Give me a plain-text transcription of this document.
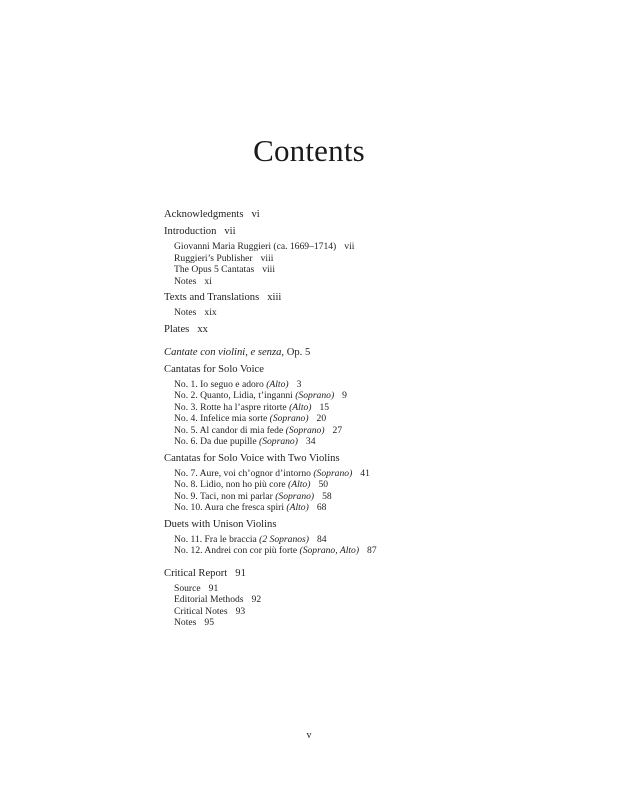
Contents
Acknowledgments vi
Introduction vii
Giovanni Maria Ruggieri (ca. 1669–1714) vii
Ruggieri’s Publisher viii
The Opus 5 Cantatas viii
Notes xi
Texts and Translations xiii
Notes xix
Plates xx
Cantate con violini, e senza, Op. 5
Cantatas for Solo Voice
No. 1. Io seguo e adoro (Alto) 3
No. 2. Quanto, Lidia, t’inganni (Soprano) 9
No. 3. Rotte ha l’aspre ritorte (Alto) 15
No. 4. Infelice mia sorte (Soprano) 20
No. 5. Al candor di mia fede (Soprano) 27
No. 6. Da due pupille (Soprano) 34
Cantatas for Solo Voice with Two Violins
No. 7. Aure, voi ch’ognor d’intorno (Soprano) 41
No. 8. Lidio, non ho più core (Alto) 50
No. 9. Taci, non mi parlar (Soprano) 58
No. 10. Aura che fresca spiri (Alto) 68
Duets with Unison Violins
No. 11. Fra le braccia (2 Sopranos) 84
No. 12. Andrei con cor più forte (Soprano, Alto) 87
Critical Report 91
Source 91
Editorial Methods 92
Critical Notes 93
Notes 95
v
